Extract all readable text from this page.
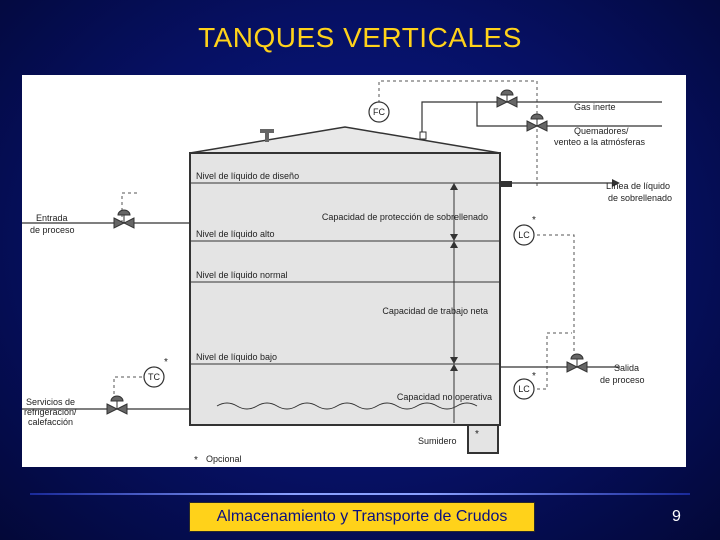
TANQUES VERTICALES
FC
LC
LC
TC
Nivel de líquido de diseño
Nivel de líquido alto
Nivel de líquido normal
Nivel de líquido bajo
Capacidad de protección de sobrellenado
Capacidad de trabajo neta
Capacidad no operativa
Entrada
de proceso
Gas inerte
Quemadores/
venteo a la atmósferas
Línea de líquido
de sobrellenado
Salida
de proceso
Servicios de
refrigeración/
calefacción
Sumidero
Opcional
*
*
*
*
*
Almacenamiento y Transporte de Crudos	9
